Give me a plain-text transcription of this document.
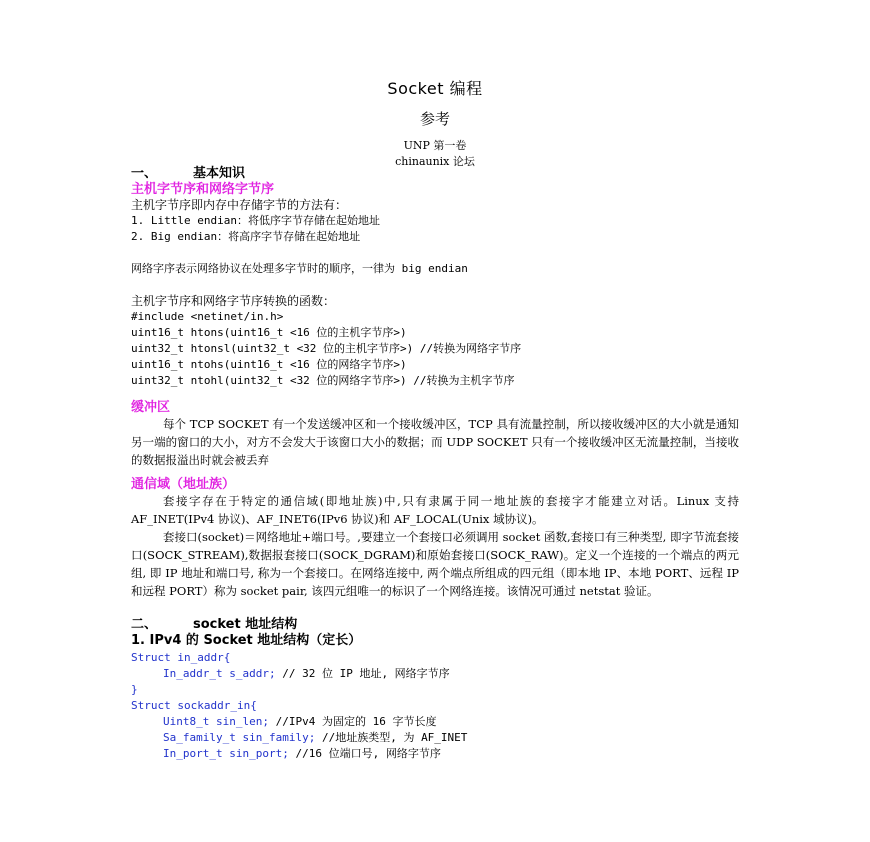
Socket 编程
参考
UNP 第一卷
chinaunix 论坛
一、	基本知识
主机字节序和网络字节序
主机字节序即内存中存储字节的方法有：
1. Little endian：将低序字节存储在起始地址
2. Big endian：将高序字节存储在起始地址
网络字序表示网络协议在处理多字节时的顺序，一律为 big endian
主机字节序和网络字节序转换的函数：
#include <netinet/in.h>
uint16_t htons(uint16_t <16 位的主机字节序>)
uint32_t htonsl(uint32_t <32 位的主机字节序>) //转换为网络字节序
uint16_t ntohs(uint16_t <16 位的网络字节序>)
uint32_t ntohl(uint32_t <32 位的网络字节序>) //转换为主机字节序
缓冲区

每个 TCP SOCKET 有一个发送缓冲区和一个接收缓冲区，TCP 具有流量控制，所以接收缓冲区的大小就是通知另一端的窗口的大小，对方不会发大于该窗口大小的数据；而 UDP SOCKET 只有一个接收缓冲区无流量控制，当接收的数据报溢出时就会被丢弃

通信域（地址族）

套接字存在于特定的通信域(即地址族)中,只有隶属于同一地址族的套接字才能建立对话。Linux 支持 AF_INET(IPv4 协议)、AF_INET6(IPv6 协议)和 AF_LOCAL(Unix 域协议)。

套接口(socket)＝网络地址+端口号。,要建立一个套接口必须调用 socket 函数,套接口有三种类型, 即字节流套接口(SOCK_STREAM),数据报套接口(SOCK_DGRAM)和原始套接口(SOCK_RAW)。定义一个连接的一个端点的两元组, 即 IP 地址和端口号, 称为一个套接口。在网络连接中, 两个端点所组成的四元组（即本地 IP、本地 PORT、远程 IP 和远程 PORT）称为 socket pair, 该四元组唯一的标识了一个网络连接。该情况可通过 netstat 验证。

二、	socket 地址结构
1. IPv4 的 Socket 地址结构（定长）
Struct in_addr{
In_addr_t s_addr; // 32 位 IP 地址, 网络字节序
}
Struct sockaddr_in{
Uint8_t sin_len; //IPv4 为固定的 16 字节长度
Sa_family_t sin_family; //地址族类型, 为 AF_INET
In_port_t sin_port; //16 位端口号, 网络字节序
